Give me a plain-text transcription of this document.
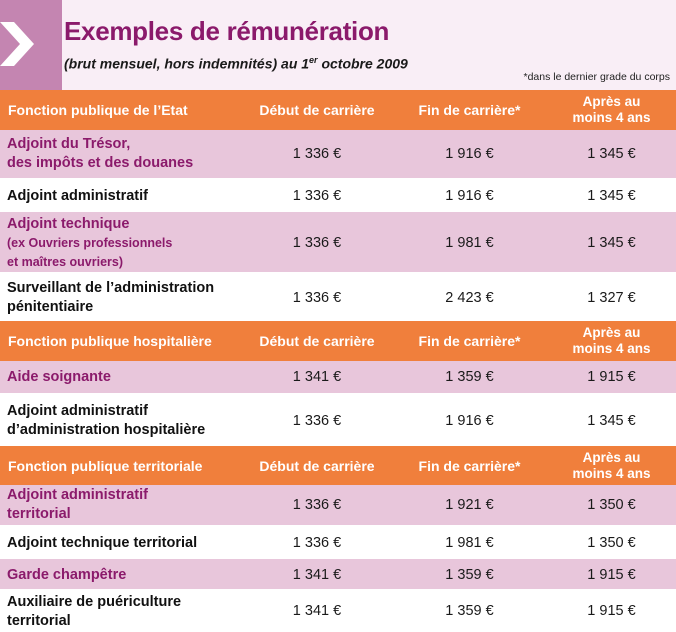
Exemples de rémunération

(brut mensuel, hors indemnités) au 1er octobre 2009

*dans le dernier grade du corps
Fonction publique de l’Etat	Début de carrière	Fin de carrière*	Après au
moins 4 ans

Adjoint du Trésor,
des impôts et des douanes	1 336 €	1 916 €	1 345 €

Adjoint administratif	1 336 €	1 916 €	1 345 €

Adjoint technique
(ex Ouvriers professionnels
et maîtres ouvriers)	1 336 €	1 981 €	1 345 €

Surveillant de l’administration
pénitentiaire	1 336 €	2 423 €	1 327 €
Fonction publique hospitalière	Début de carrière	Fin de carrière*	Après au
moins 4 ans

Aide soignante	1 341 €	1 359 €	1 915 €

Adjoint administratif
d’administration hospitalière	1 336 €	1 916 €	1 345 €
Fonction publique territoriale	Début de carrière	Fin de carrière*	Après au
moins 4 ans

Adjoint administratif
territorial	1 336 €	1 921 €	1 350 €

Adjoint technique territorial	1 336 €	1 981 €	1 350 €

Garde champêtre	1 341 €	1 359 €	1 915 €

Auxiliaire de puériculture
territorial	1 341 €	1 359 €	1 915 €
